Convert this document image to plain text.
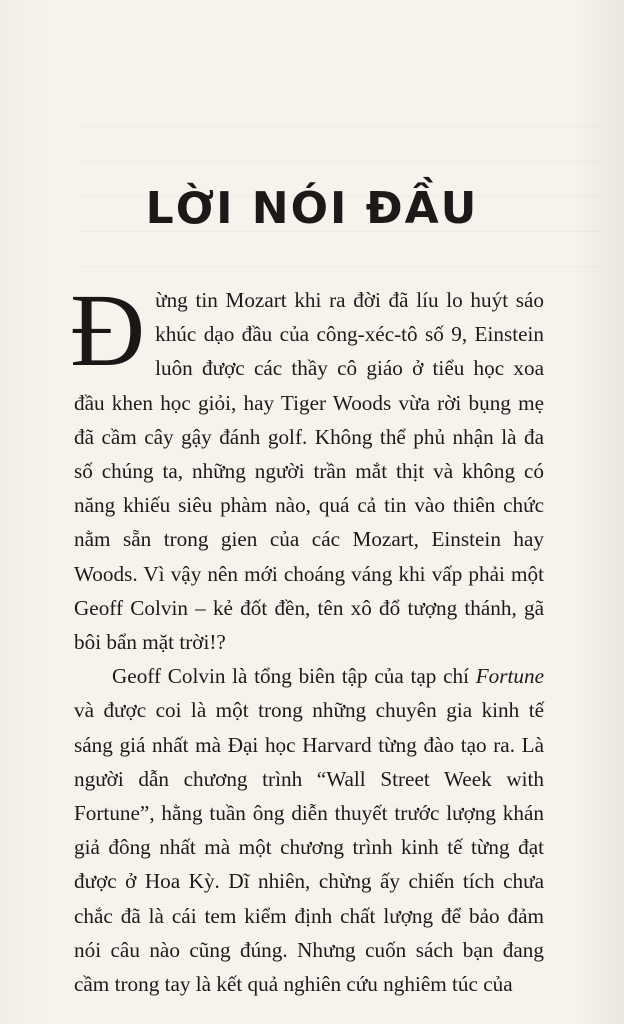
LỜI NÓI ĐẦU

Đừng tin Mozart khi ra đời đã líu lo huýt sáo khúc dạo đầu của công-xéc-tô số 9, Einstein luôn được các thầy cô giáo ở tiểu học xoa đầu khen học giỏi, hay Tiger Woods vừa rời bụng mẹ đã cầm cây gậy đánh golf. Không thể phủ nhận là đa số chúng ta, những người trần mắt thịt và không có năng khiếu siêu phàm nào, quá cả tin vào thiên chức nằm sẵn trong gien của các Mozart, Einstein hay Woods. Vì vậy nên mới choáng váng khi vấp phải một Geoff Colvin – kẻ đốt đền, tên xô đổ tượng thánh, gã bôi bẩn mặt trời!?

Geoff Colvin là tổng biên tập của tạp chí Fortune và được coi là một trong những chuyên gia kinh tế sáng giá nhất mà Đại học Harvard từng đào tạo ra. Là người dẫn chương trình “Wall Street Week with Fortune”, hằng tuần ông diễn thuyết trước lượng khán giả đông nhất mà một chương trình kinh tế từng đạt được ở Hoa Kỳ. Dĩ nhiên, chừng ấy chiến tích chưa chắc đã là cái tem kiểm định chất lượng để bảo đảm nói câu nào cũng đúng. Nhưng cuốn sách bạn đang cầm trong tay là kết quả nghiên cứu nghiêm túc của
